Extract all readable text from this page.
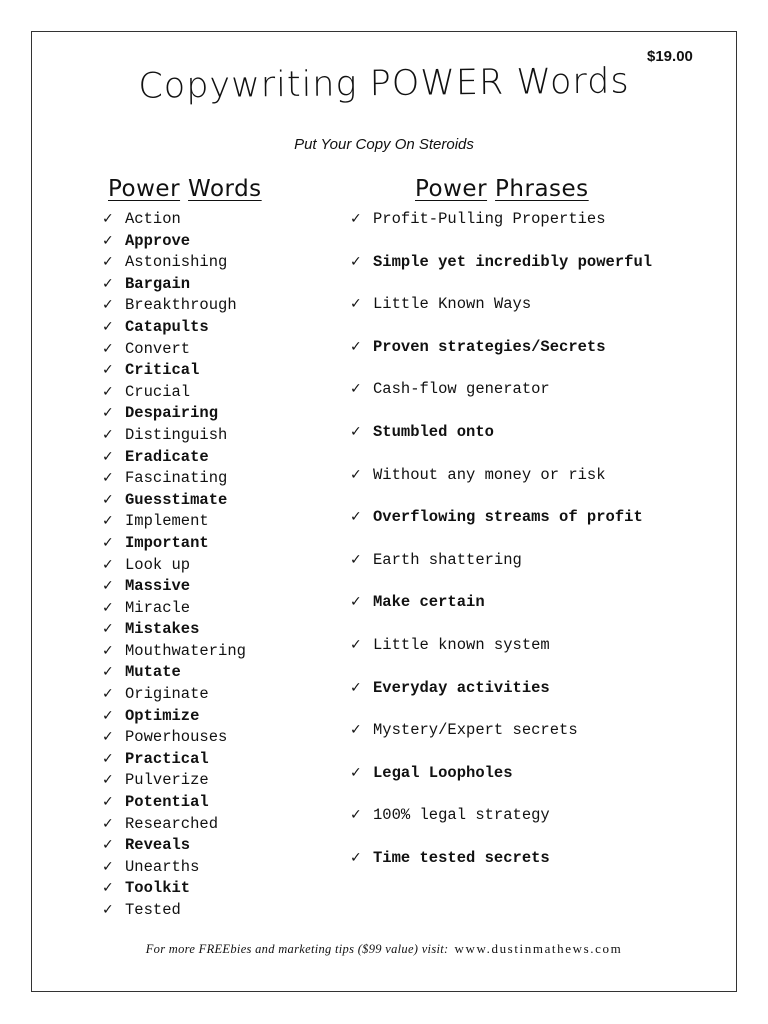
$19.00
Copywriting POWER Words
Put Your Copy On Steroids
Power Words	Power Phrases
✓ Action
✓ Approve
✓ Astonishing
✓ Bargain
✓ Breakthrough
✓ Catapults
✓ Convert
✓ Critical
✓ Crucial
✓ Despairing
✓ Distinguish
✓ Eradicate
✓ Fascinating
✓ Guesstimate
✓ Implement
✓ Important
✓ Look up
✓ Massive
✓ Miracle
✓ Mistakes
✓ Mouthwatering
✓ Mutate
✓ Originate
✓ Optimize
✓ Powerhouses
✓ Practical
✓ Pulverize
✓ Potential
✓ Researched
✓ Reveals
✓ Unearths
✓ Toolkit
✓ Tested
✓ Profit-Pulling Properties
✓ Simple yet incredibly powerful
✓ Little Known Ways
✓ Proven strategies/Secrets
✓ Cash-flow generator
✓ Stumbled onto
✓ Without any money or risk
✓ Overflowing streams of profit
✓ Earth shattering
✓ Make certain
✓ Little known system
✓ Everyday activities
✓ Mystery/Expert secrets
✓ Legal Loopholes
✓ 100% legal strategy
✓ Time tested secrets
For more FREEbies and marketing tips ($99 value) visit: www.dustinmathews.com
